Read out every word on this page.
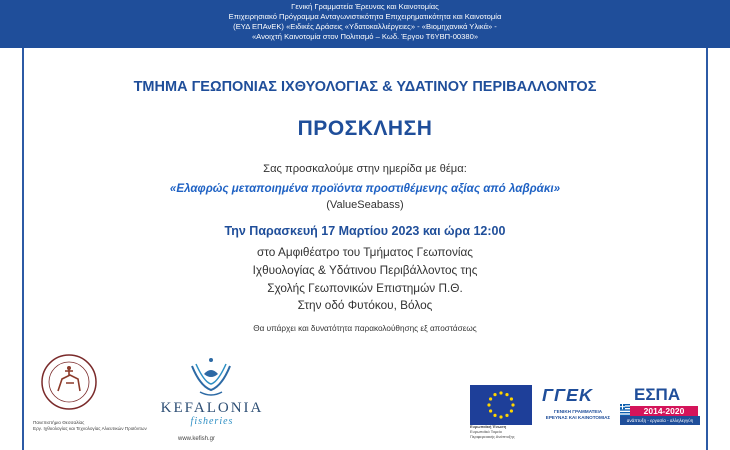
Γενική Γραμματεία Έρευνας και Καινοτομίας
Επιχειρησιακό Πρόγραμμα Ανταγωνιστικότητα Επιχειρηματικότητα και Καινοτομία
(ΕΥΔ ΕΠΑνΕΚ) «Ειδικές Δράσεις «Υδατοκαλλιέργειες» - «Βιομηχανικά Υλικά» -
«Ανοιχτή Καινοτομία στον Πολιτισμό – Κωδ. Έργου Τ6ΥΒΠ-00380»
ΤΜΗΜΑ ΓΕΩΠΟΝΙΑΣ ΙΧΘΥΟΛΟΓΙΑΣ & ΥΔΑΤΙΝΟΥ ΠΕΡΙΒΑΛΛΟΝΤΟΣ
ΠΡΟΣΚΛΗΣΗ
Σας προσκαλούμε στην ημερίδα με θέμα:
«Ελαφρώς μεταποιημένα προϊόντα προστιθέμενης αξίας από λαβράκι»
(ValueSeabass)
Την Παρασκευή 17 Μαρτίου 2023 και ώρα 12:00
στο Αμφιθέατρο του Τμήματος Γεωπονίας
Ιχθυολογίας & Υδάτινου Περιβάλλοντος της
Σχολής Γεωπονικών Επιστημών Π.Θ.
Στην οδό Φυτόκου, Βόλος
Θα υπάρχει και δυνατότητα παρακολούθησης εξ αποστάσεως
Πανεπιστήμιο Θεσσαλίας
Εργ. Ιχθυολογίας και Τεχνολογίας Αλιευτικών Προϊόντων
KEFALONIA
fisheries
www.kefish.gr
Ευρωπαϊκή Ένωση
Ευρωπαϊκό Ταμείο
Περιφερειακής Ανάπτυξης
ΓΓΕΚ
ΓΕΝΙΚΗ ΓΡΑΜΜΑΤΕΙΑ
ΕΡΕΥΝΑΣ ΚΑΙ ΚΑΙΝΟΤΟΜΙΑΣ
ΕΣΠΑ
2014-2020
ανάπτυξη - εργασία - αλληλεγγύη
